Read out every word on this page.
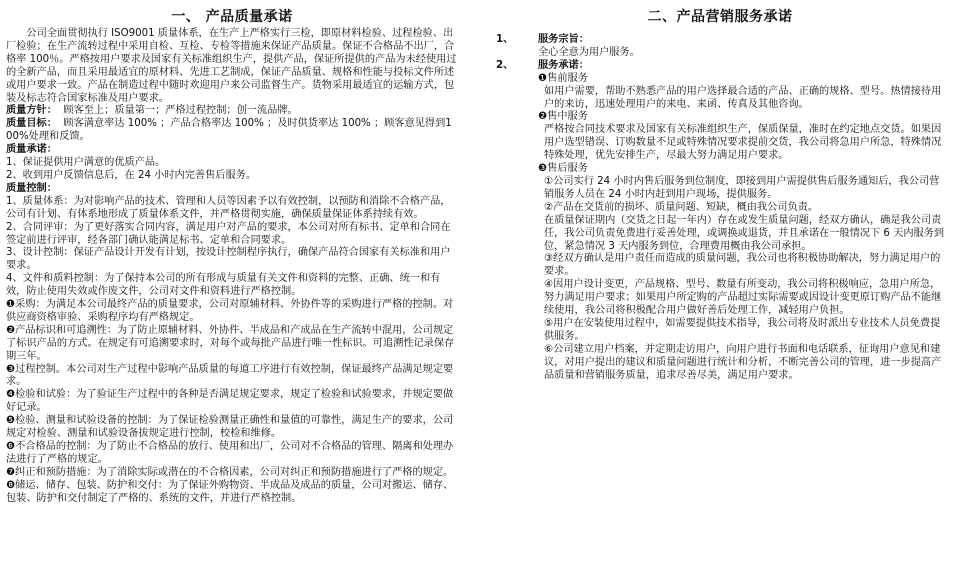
一、 产品质量承诺

公司全面贯彻执行 ISO9001 质量体系，在生产上严格实行三检，即原材料检验、过程检验、出厂检验；在生产流转过程中采用自检、互检、专检等措施来保证产品质量。保证不合格品不出厂，合格率 100％。严格按用户要求及国家有关标准组织生产，提供产品，保证所提供的产品为未经使用过的全新产品，而且采用最适宜的原材料、先进工艺制成，保证产品质量、规格和性能与投标文件所述或用户要求一致。产品在制造过程中随时欢迎用户来公司监督生产。货物采用最适宜的运输方式，包装及标志符合国家标准及用户要求。

质量方针： 顾客至上；质量第一；严格过程控制；创一流品牌。

质量目标： 顾客满意率达 100% ；产品合格率达 100% ；及时供货率达 100% ；顾客意见得到100%处理和反馈。

质量承诺：

1、保证提供用户满意的优质产品。

2、收到用户反馈信息后，在 24 小时内完善售后服务。

质量控制：

1、质量体系：为对影响产品的技术、管理和人员等因素予以有效控制，以预防和消除不合格产品，公司有计划、有体系地形成了质量体系文件，并严格贯彻实施，确保质量保证体系持续有效。

2、合同评审：为了更好落实合同内容，满足用户对产品的要求，本公司对所有标书、定单和合同在签定前进行评审，经各部门确认能满足标书、定单和合同要求。

3、设计控制：保证产品设计开发有计划，按设计控制程序执行，确保产品符合国家有关标准和用户要求。

4、文件和质料控制：为了保持本公司的所有形成与质量有关文件和资料的完整、正确、统一和有效，防止使用失效或作废文件，公司对文件和资料进行严格控制。

❶采购：为满足本公司最终产品的质量要求，公司对原辅材料、外协件等的采购进行严格的控制。对供应商资格审验、采购程序均有严格规定。

❷产品标识和可追溯性：为了防止原辅材料、外协件、半成品和产成品在生产流转中混用，公司规定了标识产品的方式。在规定有可追溯要求时，对每个或每批产品进行唯一性标识。可追溯性记录保存期三年。

❸过程控制。本公司对生产过程中影响产品质量的每道工序进行有效控制，保证最终产品满足规定要求。

❹检验和试验：为了验证生产过程中的各种是否满足规定要求，规定了检验和试验要求，并规定要做好记录。

❺检验、测量和试验设备的控制：为了保证检验测量正确性和量值的可靠性，满足生产的要求，公司规定对检验、测量和试验设备拔规定进行控制，校检和维修。

❻不合格品的控制：为了防止不合格品的放行、使用和出厂，公司对不合格品的管理、隔离和处理办法进行了严格的规定。

❼纠正和预防措施：为了消除实际或潜在的不合格因素，公司对纠正和预防措施进行了严格的规定。

❽储运、储存、包装、防护和交付：为了保证外购物资、半成品及成品的质量，公司对搬运、储存、包装、防护和交付制定了严格的、系统的文件，并进行严格控制。

二、产品营销服务承诺
1、	服务宗旨：

全心全意为用户服务。

2、	服务承诺：

❶售前服务

如用户需要，帮助不熟悉产品的用户选择最合适的产品、正确的规格、型号。热情接待用户的来访，迅速处理用户的来电、来函、传真及其他咨询。

❷售中服务

严格按合同技术要求及国家有关标准组织生产，保质保量，准时在约定地点交货。如果因用户选型错误、订购数量不足或特殊情况要求提前交货，我公司将急用户所急，特殊情况特殊处理，优先安排生产，尽最大努力满足用户要求。

❸售后服务

①公司实行 24 小时内售后服务到位制度，即接到用户需提供售后服务通知后，我公司营销服务人员在 24 小时内赶到用户现场，提供服务。

②产品在交货前的损坏、质量问题、短缺，概由我公司负责。

在质量保证期内（交货之日起一年内）存在或发生质量问题，经双方确认，确是我公司责任，我公司负责免费进行妥善处理，或调换或退货，并且承诺在一般情况下 6 天内服务到位，紧急情况 3 天内服务到位，合理费用概由我公司承担。

③经双方确认是用户责任而造成的质量问题，我公司也将积极协助解决，努力满足用户的要求。

④因用户设计变更，产品规格、型号、数量有所变动，我公司将积极响应，急用户所急，努力满足用户要求；如果用户所定购的产品超过实际需要或因设计变更原订购产品不能继续使用，我公司将积极配合用户做好善后处理工作，减轻用户负担。

⑤用户在安装使用过程中，如需要提供技术指导，我公司将及时派出专业技术人员免费提供服务。

⑥公司建立用户档案，并定期走访用户，向用户进行书面和电话联系，征询用户意见和建议，对用户提出的建议和质量问题进行统计和分析，不断完善公司的管理，进一步提高产品质量和营销服务质量，追求尽善尽美，满足用户要求。
